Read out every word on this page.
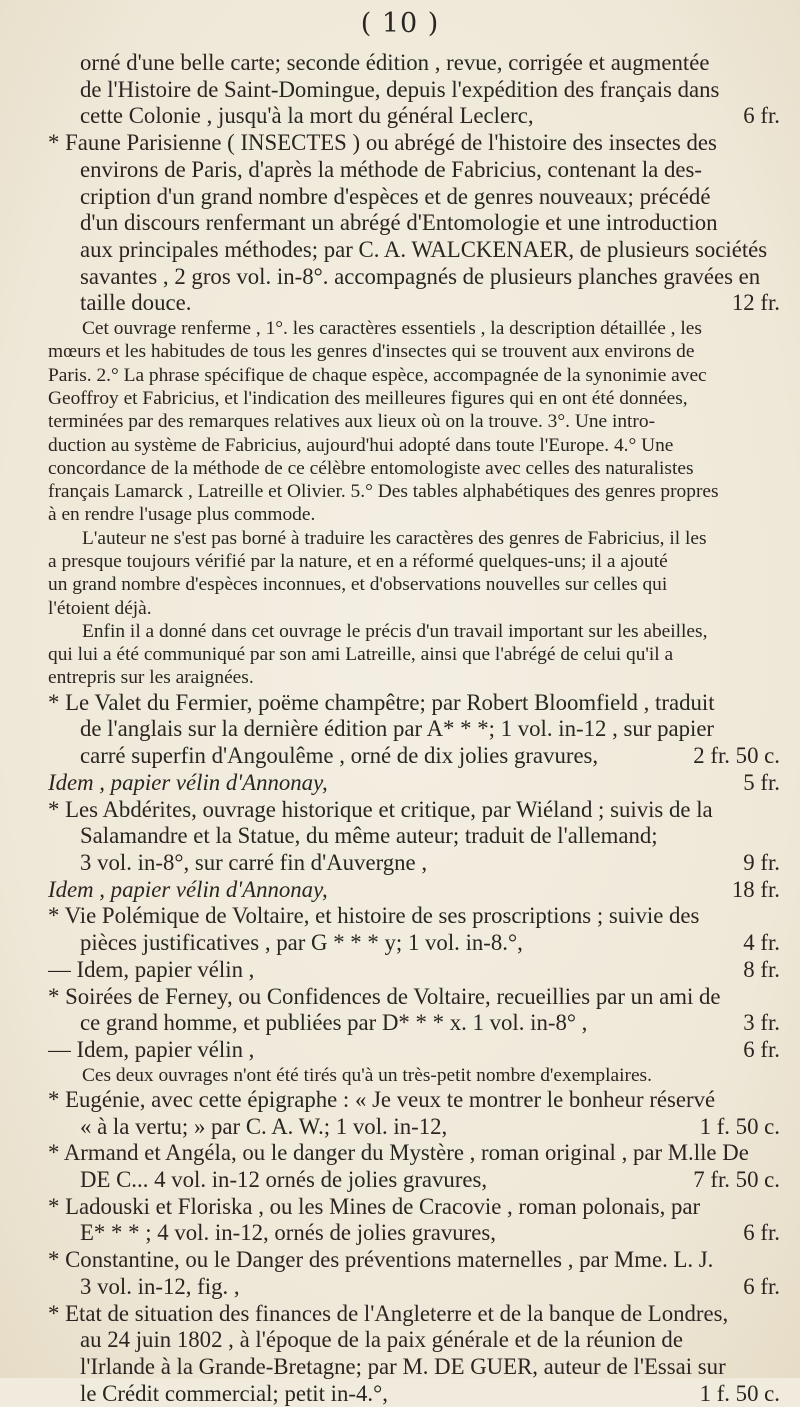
( 10 )
orné d'une belle carte; seconde édition , revue, corrigée et augmentée
de l'Histoire de Saint-Domingue, depuis l'expédition des français dans
cette Colonie , jusqu'à la mort du général Leclerc,	6 fr.
* Faune Parisienne ( INSECTES ) ou abrégé de l'histoire des insectes des
environs de Paris, d'après la méthode de Fabricius, contenant la des-
cription d'un grand nombre d'espèces et de genres nouveaux; précédé
d'un discours renfermant un abrégé d'Entomologie et une introduction
aux principales méthodes; par C. A. WALCKENAER, de plusieurs sociétés
savantes , 2 gros vol. in-8°. accompagnés de plusieurs planches gravées en
taille douce.	12 fr.
Cet ouvrage renferme , 1°. les caractères essentiels , la description détaillée , les
mœurs et les habitudes de tous les genres d'insectes qui se trouvent aux environs de
Paris. 2.° La phrase spécifique de chaque espèce, accompagnée de la synonimie avec
Geoffroy et Fabricius, et l'indication des meilleures figures qui en ont été données,
terminées par des remarques relatives aux lieux où on la trouve. 3°. Une intro-
duction au système de Fabricius, aujourd'hui adopté dans toute l'Europe. 4.° Une
concordance de la méthode de ce célèbre entomologiste avec celles des naturalistes
français Lamarck , Latreille et Olivier. 5.° Des tables alphabétiques des genres propres
à en rendre l'usage plus commode.
L'auteur ne s'est pas borné à traduire les caractères des genres de Fabricius, il les
a presque toujours vérifié par la nature, et en a réformé quelques-uns; il a ajouté
un grand nombre d'espèces inconnues, et d'observations nouvelles sur celles qui
l'étoient déjà.
Enfin il a donné dans cet ouvrage le précis d'un travail important sur les abeilles,
qui lui a été communiqué par son ami Latreille, ainsi que l'abrégé de celui qu'il a
entrepris sur les araignées.
* Le Valet du Fermier, poëme champêtre; par Robert Bloomfield , traduit
de l'anglais sur la dernière édition par A* * *; 1 vol. in-12 , sur papier
carré superfin d'Angoulême , orné de dix jolies gravures,	2 fr. 50 c.
Idem , papier vélin d'Annonay,	5 fr.
* Les Abdérites, ouvrage historique et critique, par Wiéland ; suivis de la
Salamandre et la Statue, du même auteur; traduit de l'allemand;
3 vol. in-8°, sur carré fin d'Auvergne ,	9 fr.
Idem , papier vélin d'Annonay,	18 fr.
* Vie Polémique de Voltaire, et histoire de ses proscriptions ; suivie des
pièces justificatives , par G * * * y; 1 vol. in-8.°,	4 fr.
— Idem, papier vélin ,	8 fr.
* Soirées de Ferney, ou Confidences de Voltaire, recueillies par un ami de
ce grand homme, et publiées par D* * * x. 1 vol. in-8° ,	3 fr.
— Idem, papier vélin ,	6 fr.
Ces deux ouvrages n'ont été tirés qu'à un très-petit nombre d'exemplaires.
* Eugénie, avec cette épigraphe : « Je veux te montrer le bonheur réservé
« à la vertu; » par C. A. W.; 1 vol. in-12,	1 f. 50 c.
* Armand et Angéla, ou le danger du Mystère , roman original , par M.lle De
DE C... 4 vol. in-12 ornés de jolies gravures,	7 fr. 50 c.
* Ladouski et Floriska , ou les Mines de Cracovie , roman polonais, par
E* * * ; 4 vol. in-12, ornés de jolies gravures,	6 fr.
* Constantine, ou le Danger des préventions maternelles , par Mme. L. J.
3 vol. in-12, fig. ,	6 fr.
* Etat de situation des finances de l'Angleterre et de la banque de Londres,
au 24 juin 1802 , à l'époque de la paix générale et de la réunion de
l'Irlande à la Grande-Bretagne; par M. DE GUER, auteur de l'Essai sur
le Crédit commercial; petit in-4.°,	1 f. 50 c.
